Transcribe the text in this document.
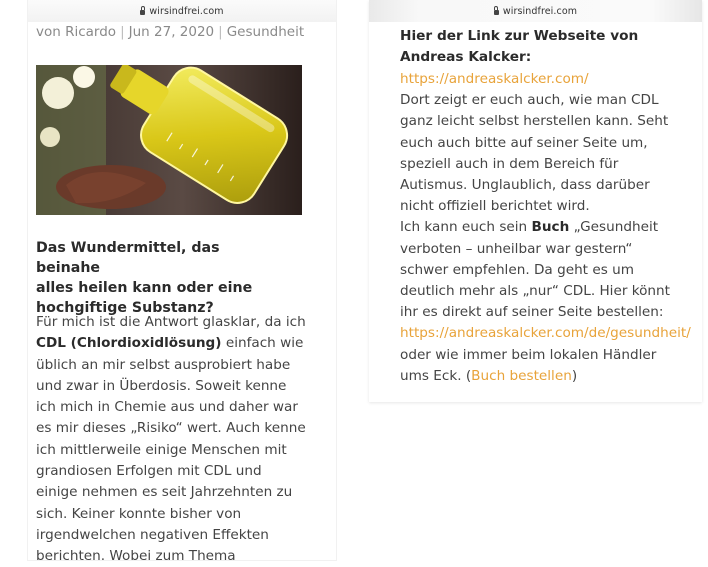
wirsindfrei.com
von Ricardo | Jun 27, 2020 | Gesundheit
Das Wundermittel, das beinahe
alles heilen kann oder eine
hochgiftige Substanz?
Für mich ist die Antwort glasklar, da ich
CDL (Chlordioxidlösung) einfach wie
üblich an mir selbst ausprobiert habe
und zwar in Überdosis. Soweit kenne
ich mich in Chemie aus und daher war
es mir dieses „Risiko“ wert. Auch kenne
ich mittlerweile einige Menschen mit
grandiosen Erfolgen mit CDL und
einige nehmen es seit Jahrzehnten zu
sich. Keiner konnte bisher von
irgendwelchen negativen Effekten
berichten. Wobei zum Thema
wirsindfrei.com
Hier der Link zur Webseite von
Andreas Kalcker:
https://andreaskalcker.com/
Dort zeigt er euch auch, wie man CDL
ganz leicht selbst herstellen kann. Seht
euch auch bitte auf seiner Seite um,
speziell auch in dem Bereich für
Autismus. Unglaublich, dass darüber
nicht offiziell berichtet wird.
Ich kann euch sein Buch „Gesundheit
verboten – unheilbar war gestern“
schwer empfehlen. Da geht es um
deutlich mehr als „nur“ CDL. Hier könnt
ihr es direkt auf seiner Seite bestellen:
https://andreaskalcker.com/de/gesundheit/
oder wie immer beim lokalen Händler
ums Eck. (Buch bestellen)
